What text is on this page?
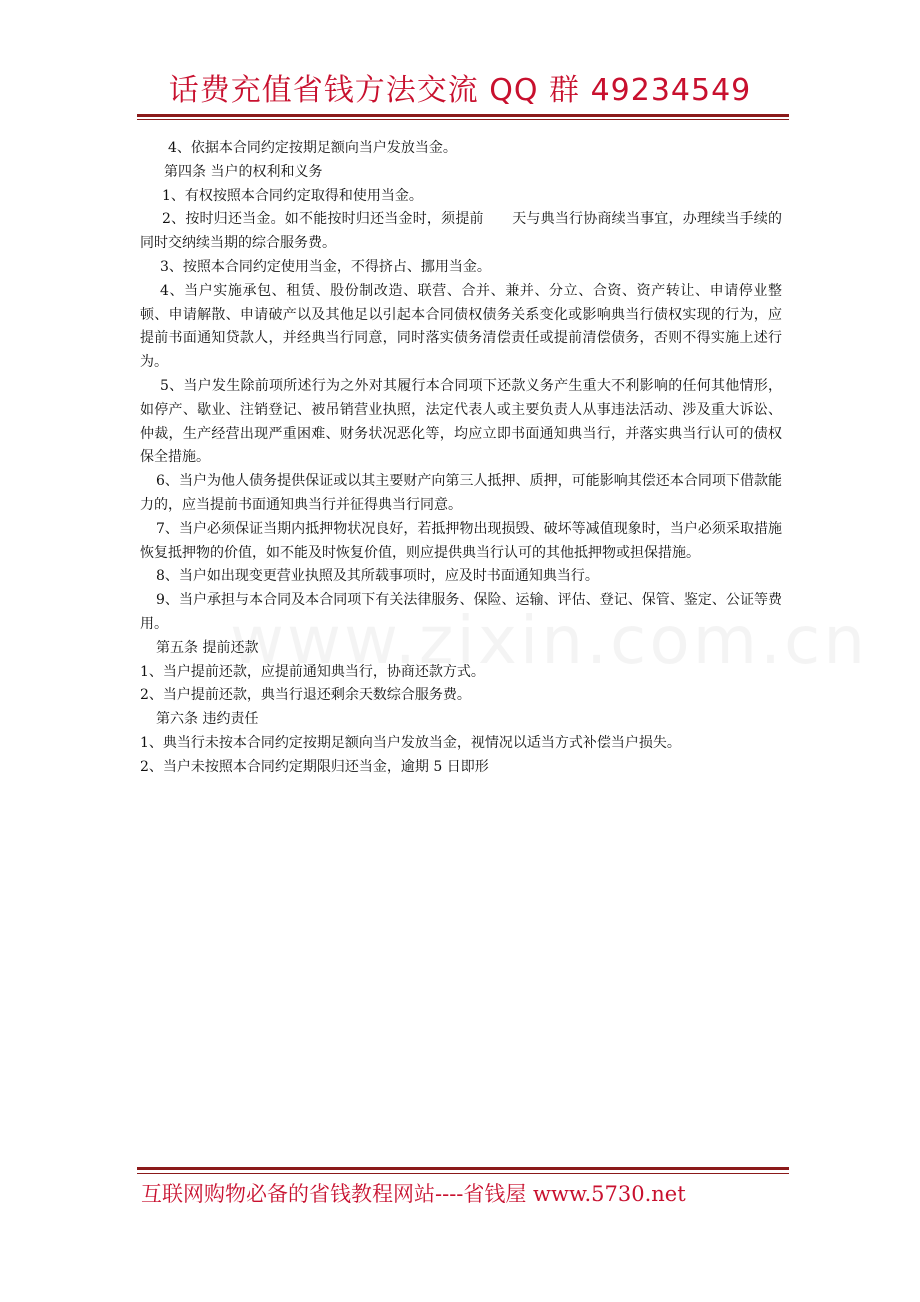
话费充值省钱方法交流 QQ 群 49234549

4、依据本合同约定按期足额向当户发放当金。

第四条 当户的权利和义务

1、有权按照本合同约定取得和使用当金。

2、按时归还当金。如不能按时归还当金时，须提前　　天与典当行协商续当事宜，办理续当手续的同时交纳续当期的综合服务费。

3、按照本合同约定使用当金，不得挤占、挪用当金。

4、当户实施承包、租赁、股份制改造、联营、合并、兼并、分立、合资、资产转让、申请停业整顿、申请解散、申请破产以及其他足以引起本合同债权债务关系变化或影响典当行债权实现的行为，应提前书面通知贷款人，并经典当行同意，同时落实债务清偿责任或提前清偿债务，否则不得实施上述行为。

5、当户发生除前项所述行为之外对其履行本合同项下还款义务产生重大不利影响的任何其他情形，如停产、歇业、注销登记、被吊销营业执照，法定代表人或主要负责人从事违法活动、涉及重大诉讼、仲裁，生产经营出现严重困难、财务状况恶化等，均应立即书面通知典当行，并落实典当行认可的债权保全措施。

6、当户为他人债务提供保证或以其主要财产向第三人抵押、质押，可能影响其偿还本合同项下借款能力的，应当提前书面通知典当行并征得典当行同意。

7、当户必须保证当期内抵押物状况良好，若抵押物出现损毁、破坏等减值现象时，当户必须采取措施恢复抵押物的价值，如不能及时恢复价值，则应提供典当行认可的其他抵押物或担保措施。

8、当户如出现变更营业执照及其所载事项时，应及时书面通知典当行。

9、当户承担与本合同及本合同项下有关法律服务、保险、运输、评估、登记、保管、鉴定、公证等费用。

第五条 提前还款

1、当户提前还款，应提前通知典当行，协商还款方式。

2、当户提前还款，典当行退还剩余天数综合服务费。

第六条 违约责任

1、典当行未按本合同约定按期足额向当户发放当金，视情况以适当方式补偿当户损失。

2、当户未按照本合同约定期限归还当金，逾期 5 日即形

互联网购物必备的省钱教程网站----省钱屋 www.5730.net
